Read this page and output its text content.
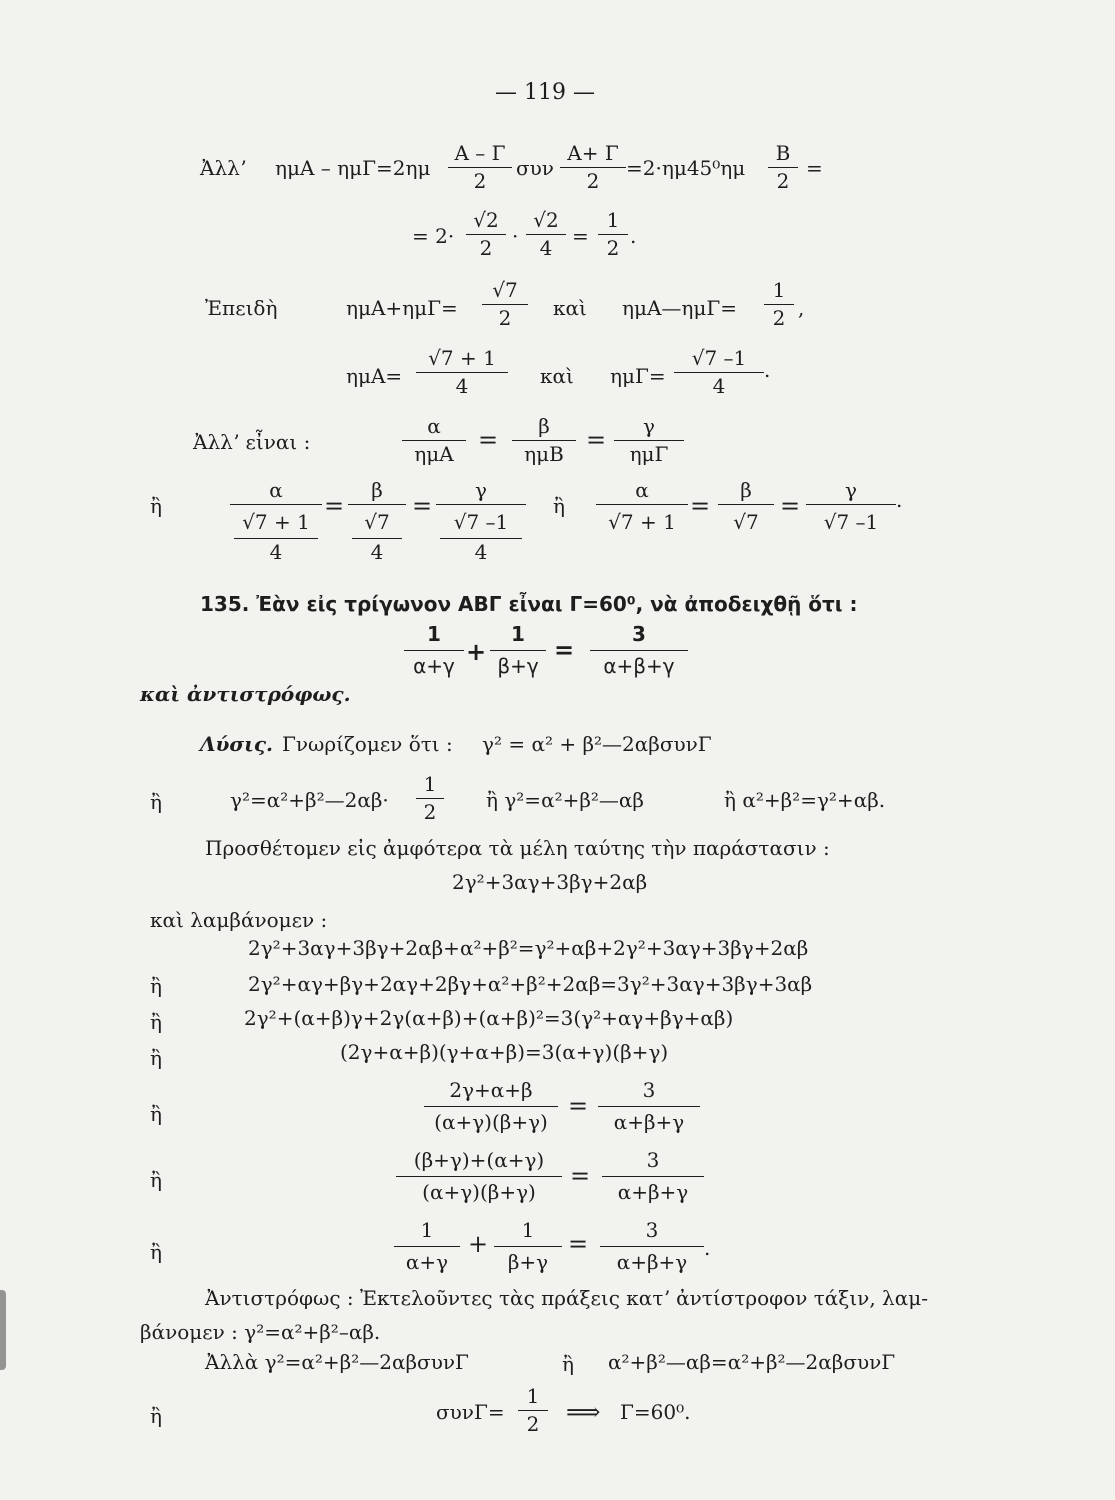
— 119 —
Ἀλλʼ ημA – ημΓ=2ημ
A – Γ
2
συν
A+ Γ
2
=2·ημ45⁰ημ
B
2
=
= 2·
√2
2 ·
√2
4 =
1
2 .
Ἐπειδὴ	ημA+ημΓ=
√7
2	καὶ ημA—ημΓ=
1
2 ,
ημA=
√7 + 1
4	καὶ ημΓ=
√7 –1
4
.
Ἀλλʼ εἶναι :
α
ημA	=	β
ημB =	γ
ημΓ
ἢ
α
√7 + 1
4
=
β
√7
4
=
γ
√7 –1
4
ἢ
α
√7 + 1
=
β
√7
=
γ
√7 –1
.
135. Ἐὰν εἰς τρίγωνον ΑΒΓ εἶναι Γ=60⁰, νὰ ἀποδειχθῇ ὅτι :
1
α+γ +
1
β+γ
=
3
α+β+γ
καὶ ἀντιστρόφως.
Λύσις. Γνωρίζομεν ὅτι : γ² = α² + β²—2αβσυνΓ
ἢ	γ²=α²+β²—2αβ·
1
2	ἢ γ²=α²+β²—αβ	ἢ α²+β²=γ²+αβ.
Προσθέτομεν εἰς ἀμφότερα τὰ μέλη ταύτης τὴν παράστασιν :
2γ²+3αγ+3βγ+2αβ
καὶ λαμβάνομεν :
2γ²+3αγ+3βγ+2αβ+α²+β²=γ²+αβ+2γ²+3αγ+3βγ+2αβ
ἢ	2γ²+αγ+βγ+2αγ+2βγ+α²+β²+2αβ=3γ²+3αγ+3βγ+3αβ
ἢ	2γ²+(α+β)γ+2γ(α+β)+(α+β)²=3(γ²+αγ+βγ+αβ)
ἢ	(2γ+α+β)(γ+α+β)=3(α+γ)(β+γ)
ἢ
2γ+α+β
(α+γ)(β+γ)
=
3
α+β+γ
ἢ
(β+γ)+(α+γ)
(α+γ)(β+γ)
=
3
α+β+γ
ἢ
1
α+γ
+	1
β+γ
=	3
α+β+γ
.
Ἀντιστρόφως : Ἐκτελοῦντες τὰς πράξεις κατʼ ἀντίστροφον τάξιν, λαμ-
βάνομεν : γ²=α²+β²–αβ.
Ἀλλὰ γ²=α²+β²—2αβσυνΓ	ἢ α²+β²—αβ=α²+β²—2αβσυνΓ
ἢ	συνΓ=
1
2	⟹ Γ=60⁰.
